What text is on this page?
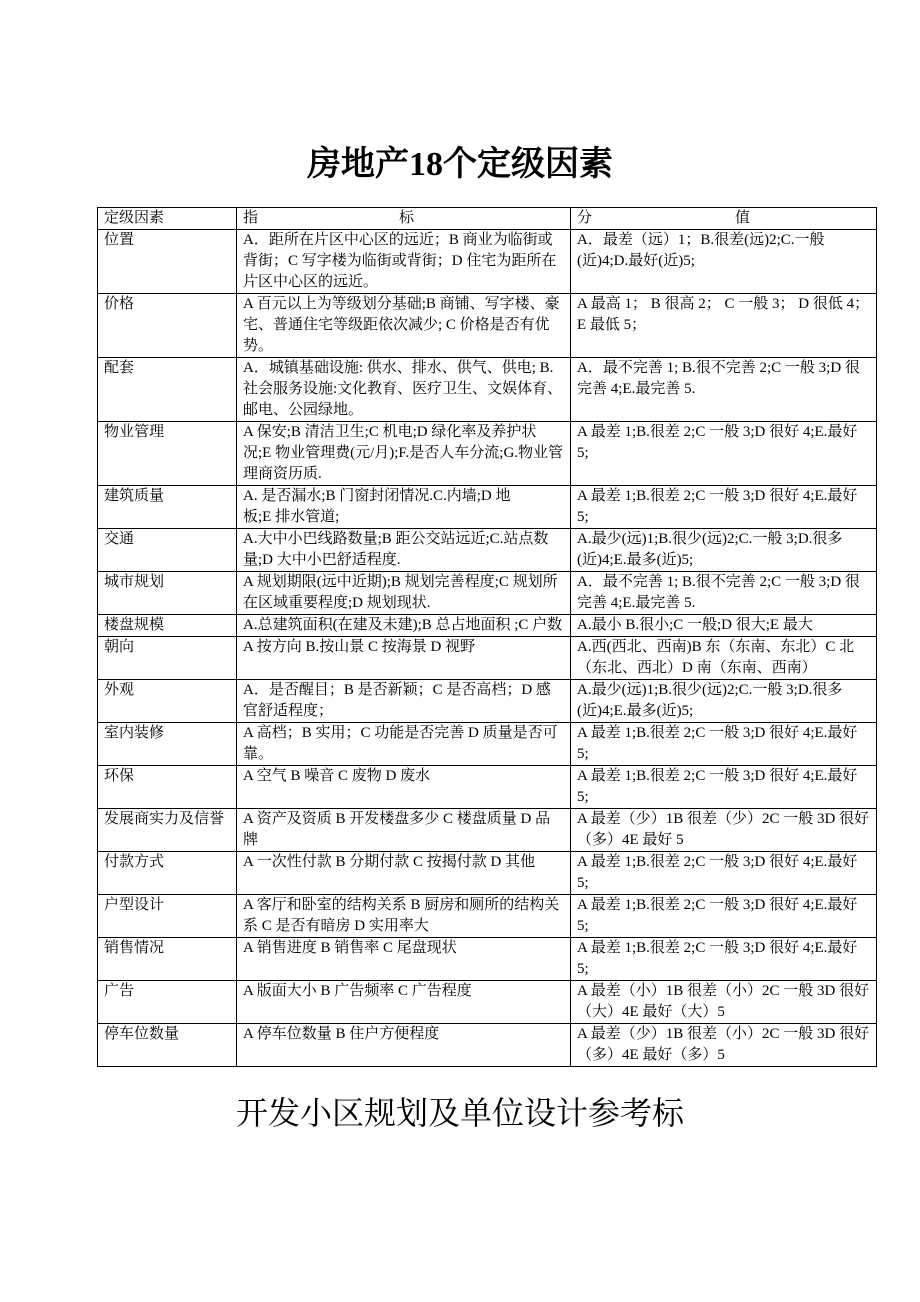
房地产18个定级因素
定级因素	指 标	分 值

位置	A．距所在片区中心区的远近；B 商业为临街或背街；C 写字楼为临街或背街；D 住宅为距所在片区中心区的远近。	A．最差（远）1；B.很差(远)2;C.一般(近)4;D.最好(近)5;
价格	A 百元以上为等级划分基础;B 商铺、写字楼、豪宅、普通住宅等级距依次减少; C 价格是否有优势。	A 最高 1； B 很高 2； C 一般 3； D 很低 4； E 最低 5；
配套	A．城镇基础设施: 供水、排水、供气、供电; B.社会服务设施:文化教育、医疗卫生、文娱体育、邮电、公园绿地。	A．最不完善 1; B.很不完善 2;C 一般 3;D 很完善 4;E.最完善 5.
物业管理	A 保安;B 清洁卫生;C 机电;D 绿化率及养护状况;E 物业管理费(元/月);F.是否人车分流;G.物业管理商资历质.	A 最差 1;B.很差 2;C 一般 3;D 很好 4;E.最好 5;
建筑质量	A. 是否漏水;B 门窗封闭情况.C.内墙;D 地　　板;E 排水管道;	A 最差 1;B.很差 2;C 一般 3;D 很好 4;E.最好 5;
交通	A.大中小巴线路数量;B 距公交站远近;C.站点数量;D 大中小巴舒适程度.	A.最少(远)1;B.很少(远)2;C.一般 3;D.很多(近)4;E.最多(近)5;
城市规划	A 规划期限(远中近期);B 规划完善程度;C 规划所在区域重要程度;D 规划现状.	A．最不完善 1; B.很不完善 2;C 一般 3;D 很完善 4;E.最完善 5.
楼盘规模	A.总建筑面积(在建及未建);B 总占地面积 ;C 户数	A.最小 B.很小;C 一般;D 很大;E 最大
朝向	A 按方向 B.按山景 C 按海景 D 视野	A.西(西北、西南)B 东（东南、东北）C 北（东北、西北）D 南（东南、西南）
外观	A．是否醒目；B 是否新颖；C 是否高档；D 感官舒适程度；	A.最少(远)1;B.很少(远)2;C.一般 3;D.很多(近)4;E.最多(近)5;
室内装修	A 高档；B 实用；C 功能是否完善 D 质量是否可靠。	A 最差 1;B.很差 2;C 一般 3;D 很好 4;E.最好 5;
环保	A 空气 B 噪音 C 废物 D 废水	A 最差 1;B.很差 2;C 一般 3;D 很好 4;E.最好 5;
发展商实力及信誉	A 资产及资质 B 开发楼盘多少 C 楼盘质量 D 品牌	A 最差（少）1B 很差（少）2C 一般 3D 很好（多）4E 最好 5
付款方式	A 一次性付款 B 分期付款 C 按揭付款 D 其他	A 最差 1;B.很差 2;C 一般 3;D 很好 4;E.最好 5;
户型设计	A 客厅和卧室的结构关系 B 厨房和厕所的结构关系 C 是否有暗房 D 实用率大	A 最差 1;B.很差 2;C 一般 3;D 很好 4;E.最好 5;
销售情况	A 销售进度 B 销售率 C 尾盘现状	A 最差 1;B.很差 2;C 一般 3;D 很好 4;E.最好 5;
广告	A 版面大小 B 广告频率 C 广告程度	A 最差（小）1B 很差（小）2C 一般 3D 很好（大）4E 最好（大）5
停车位数量	A 停车位数量 B 住户方便程度	A 最差（少）1B 很差（小）2C 一般 3D 很好（多）4E 最好（多）5
开发小区规划及单位设计参考标
